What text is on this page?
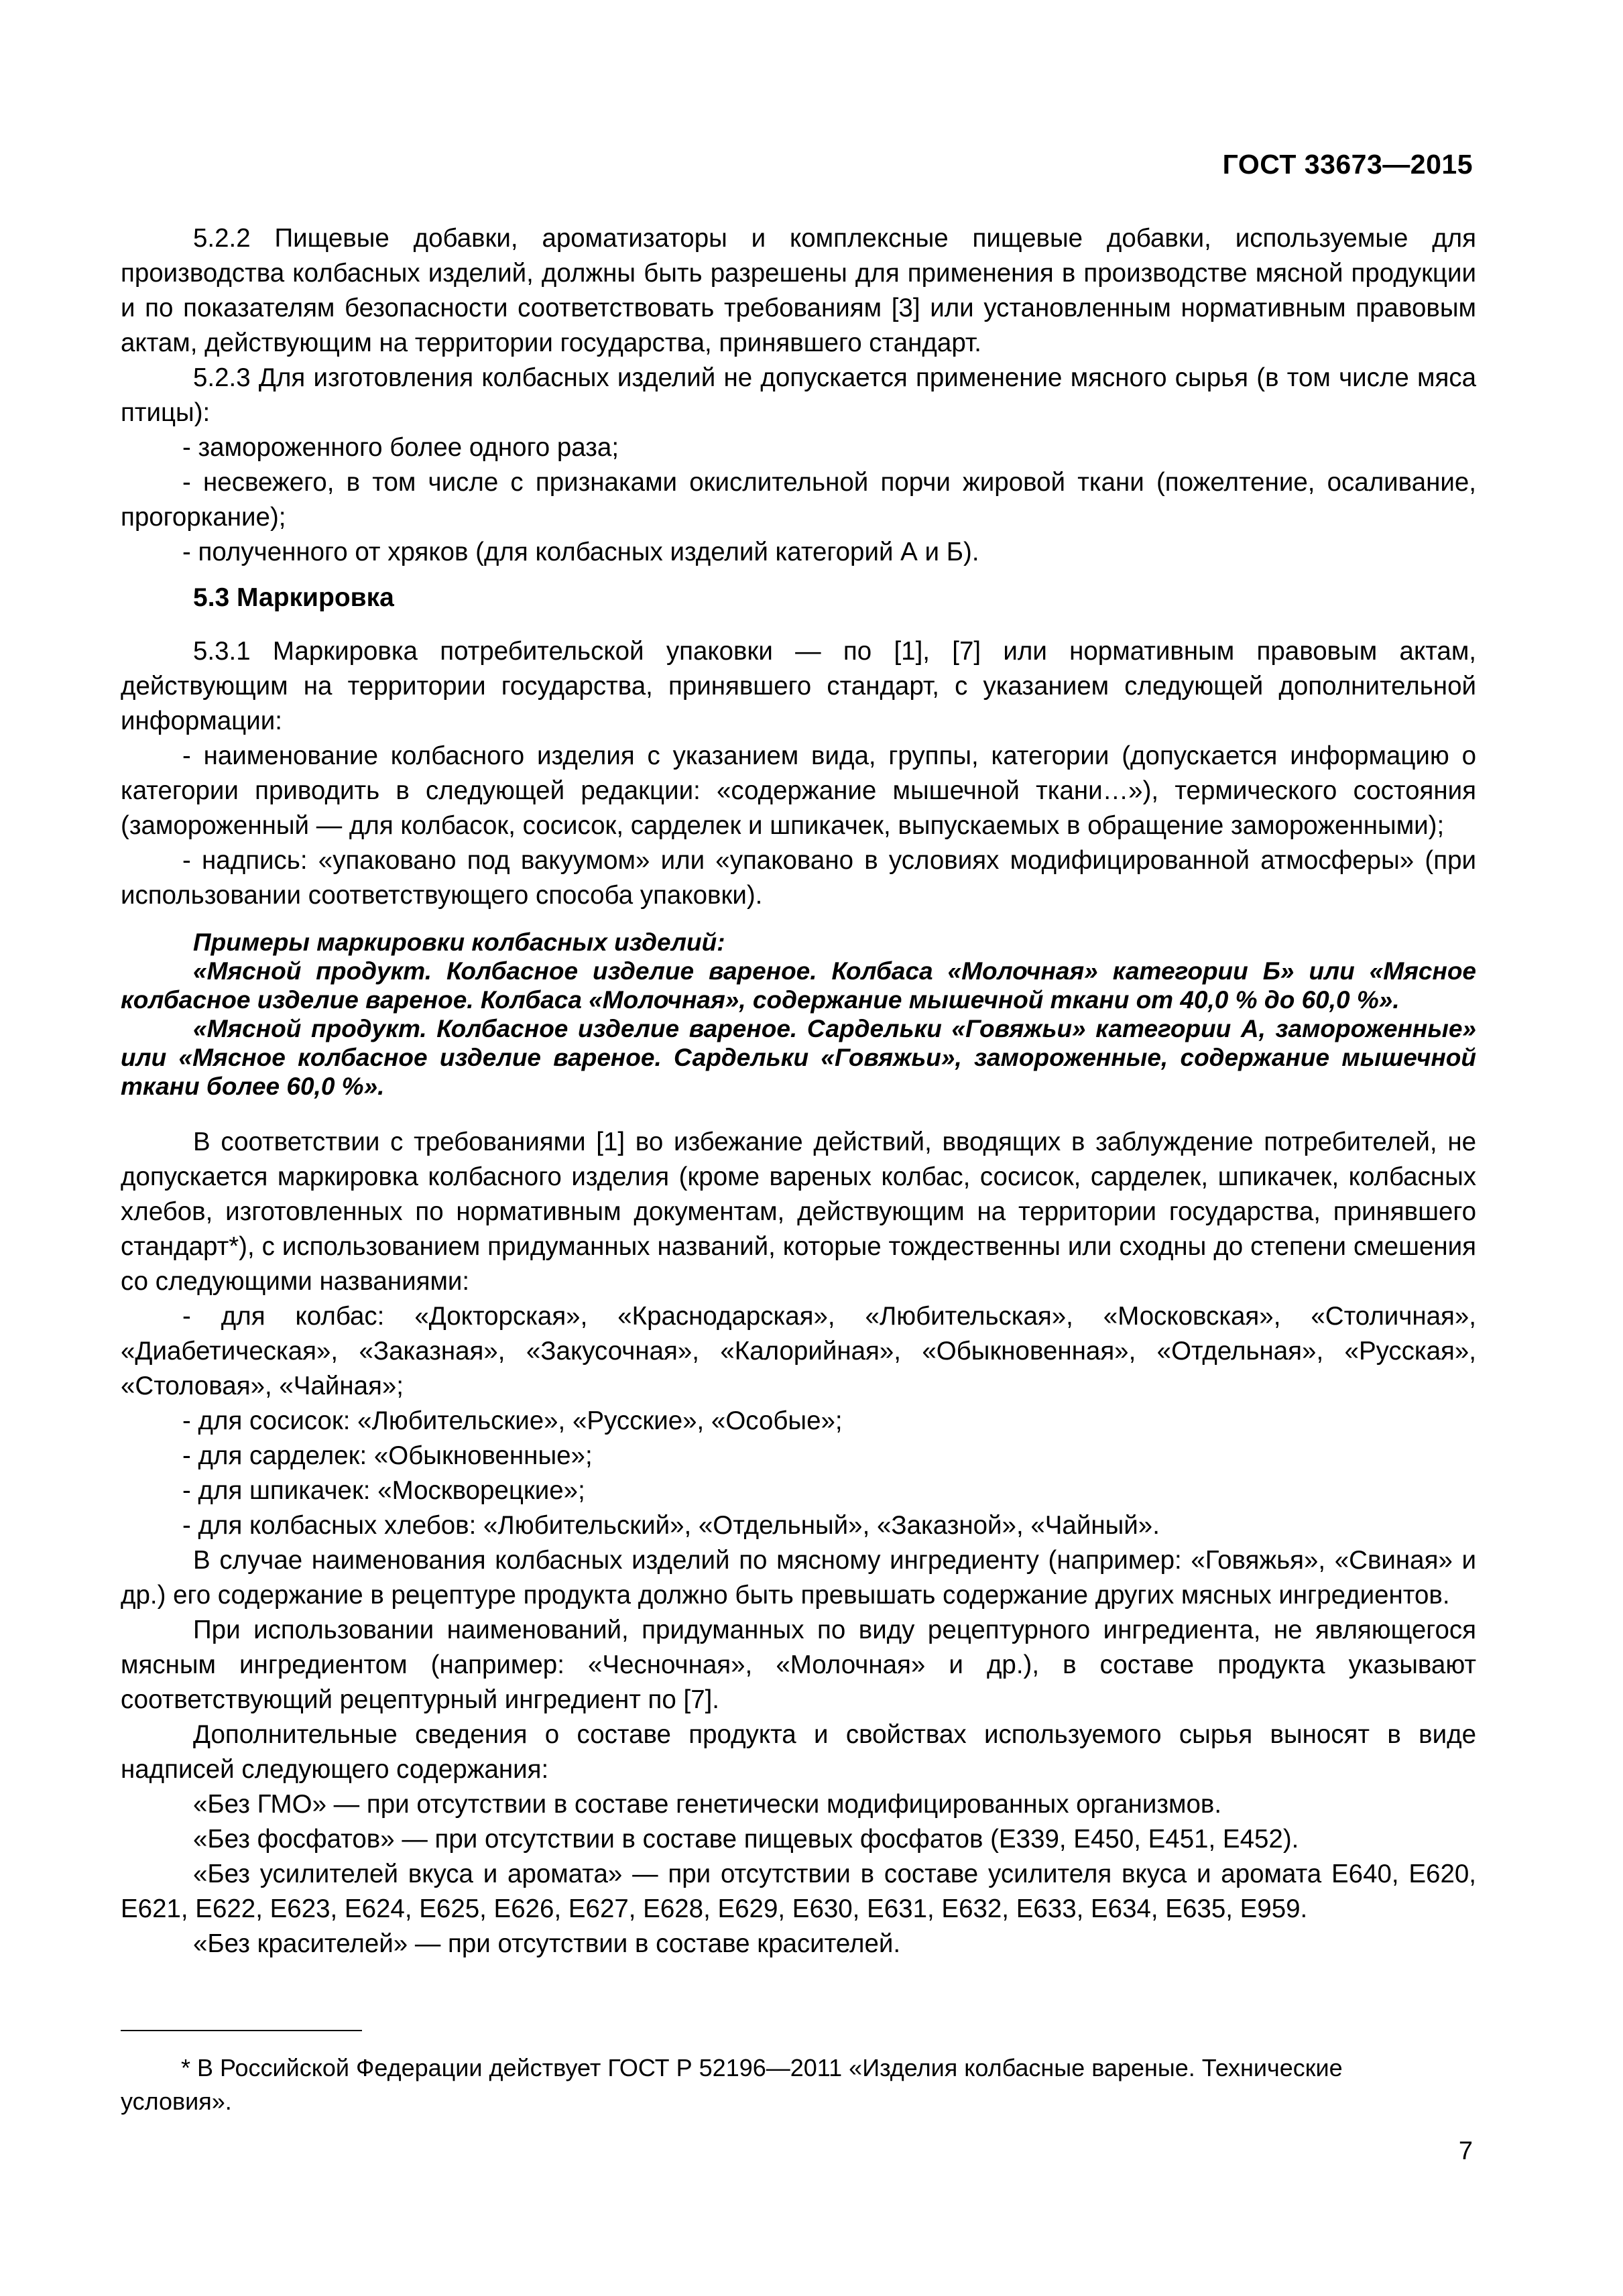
ГОСТ 33673—2015

5.2.2 Пищевые добавки, ароматизаторы и комплексные пищевые добавки, используемые для производства колбасных изделий, должны быть разрешены для применения в производстве мясной продукции и по показателям безопасности соответствовать требованиям [3] или установленным нормативным правовым актам, действующим на территории государства, принявшего стандарт.

5.2.3 Для изготовления колбасных изделий не допускается применение мясного сырья (в том числе мяса птицы):

- замороженного более одного раза;

- несвежего, в том числе с признаками окислительной порчи жировой ткани (пожелтение, осаливание, прогоркание);

- полученного от хряков (для колбасных изделий категорий А и Б).

5.3 Маркировка

5.3.1 Маркировка потребительской упаковки — по [1], [7] или нормативным правовым актам, действующим на территории государства, принявшего стандарт, с указанием следующей дополнительной информации:

- наименование колбасного изделия с указанием вида, группы, категории (допускается информацию о категории приводить в следующей редакции: «содержание мышечной ткани…»), термического состояния (замороженный — для колбасок, сосисок, сарделек и шпикачек, выпускаемых в обращение замороженными);

- надпись: «упаковано под вакуумом» или «упаковано в условиях модифицированной атмосферы» (при использовании соответствующего способа упаковки).

Примеры маркировки колбасных изделий:

«Мясной продукт. Колбасное изделие вареное. Колбаса «Молочная» категории Б» или «Мясное колбасное изделие вареное. Колбаса «Молочная», содержание мышечной ткани от 40,0 % до 60,0 %».

«Мясной продукт. Колбасное изделие вареное. Сардельки «Говяжьи» категории А, замороженные» или «Мясное колбасное изделие вареное. Сардельки «Говяжьи», замороженные, содержание мышечной ткани более 60,0 %».

В соответствии с требованиями [1] во избежание действий, вводящих в заблуждение потребителей, не допускается маркировка колбасного изделия (кроме вареных колбас, сосисок, сарделек, шпикачек, колбасных хлебов, изготовленных по нормативным документам, действующим на территории государства, принявшего стандарт*), с использованием придуманных названий, которые тождественны или сходны до степени смешения со следующими названиями:

- для колбас: «Докторская», «Краснодарская», «Любительская», «Московская», «Столичная», «Диабетическая», «Заказная», «Закусочная», «Калорийная», «Обыкновенная», «Отдельная», «Русская», «Столовая», «Чайная»;

- для сосисок: «Любительские», «Русские», «Особые»;

- для сарделек: «Обыкновенные»;

- для шпикачек: «Москворецкие»;

- для колбасных хлебов: «Любительский», «Отдельный», «Заказной», «Чайный».

В случае наименования колбасных изделий по мясному ингредиенту (например: «Говяжья», «Свиная» и др.) его содержание в рецептуре продукта должно быть превышать содержание других мясных ингредиентов.

При использовании наименований, придуманных по виду рецептурного ингредиента, не являющегося мясным ингредиентом (например: «Чесночная», «Молочная» и др.), в составе продукта указывают соответствующий рецептурный ингредиент по [7].

Дополнительные сведения о составе продукта и свойствах используемого сырья выносят в виде надписей следующего содержания:

«Без ГМО» — при отсутствии в составе генетически модифицированных организмов.

«Без фосфатов» — при отсутствии в составе пищевых фосфатов (Е339, Е450, Е451, Е452).

«Без усилителей вкуса и аромата» — при отсутствии в составе усилителя вкуса и аромата Е640, Е620, Е621, Е622, Е623, Е624, Е625, Е626, Е627, Е628, Е629, Е630, Е631, Е632, Е633, Е634, Е635, Е959.

«Без красителей» — при отсутствии в составе красителей.

* В Российской Федерации действует ГОСТ Р 52196—2011 «Изделия колбасные вареные. Технические условия».
7
